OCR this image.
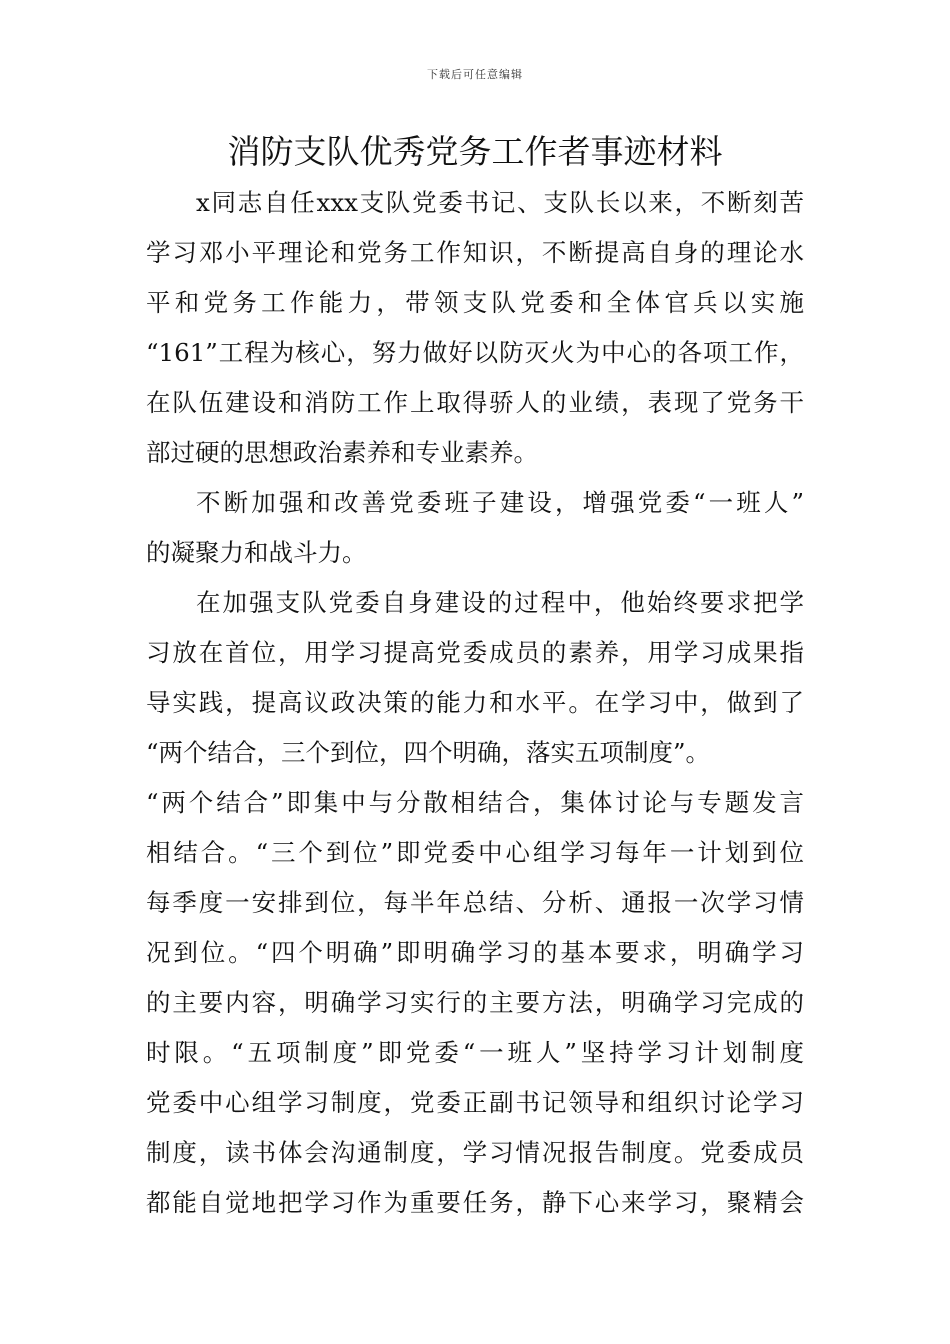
下载后可任意编辑
消防支队优秀党务工作者事迹材料
x同志自任xxx支队党委书记、支队长以来，不断刻苦
学习邓小平理论和党务工作知识，不断提高自身的理论水
平和党务工作能力，带领支队党委和全体官兵以实施
“161”工程为核心，努力做好以防灭火为中心的各项工作，
在队伍建设和消防工作上取得骄人的业绩，表现了党务干
部过硬的思想政治素养和专业素养。
不断加强和改善党委班子建设，增强党委“一班人”
的凝聚力和战斗力。
在加强支队党委自身建设的过程中，他始终要求把学
习放在首位，用学习提高党委成员的素养，用学习成果指
导实践，提高议政决策的能力和水平。在学习中，做到了
“两个结合，三个到位，四个明确，落实五项制度”。
“两个结合”即集中与分散相结合，集体讨论与专题发言
相结合。“三个到位”即党委中心组学习每年一计划到位
每季度一安排到位，每半年总结、分析、通报一次学习情
况到位。“四个明确”即明确学习的基本要求，明确学习
的主要内容，明确学习实行的主要方法，明确学习完成的
时限。“五项制度”即党委“一班人”坚持学习计划制度
党委中心组学习制度，党委正副书记领导和组织讨论学习
制度，读书体会沟通制度，学习情况报告制度。党委成员
都能自觉地把学习作为重要任务，静下心来学习，聚精会
